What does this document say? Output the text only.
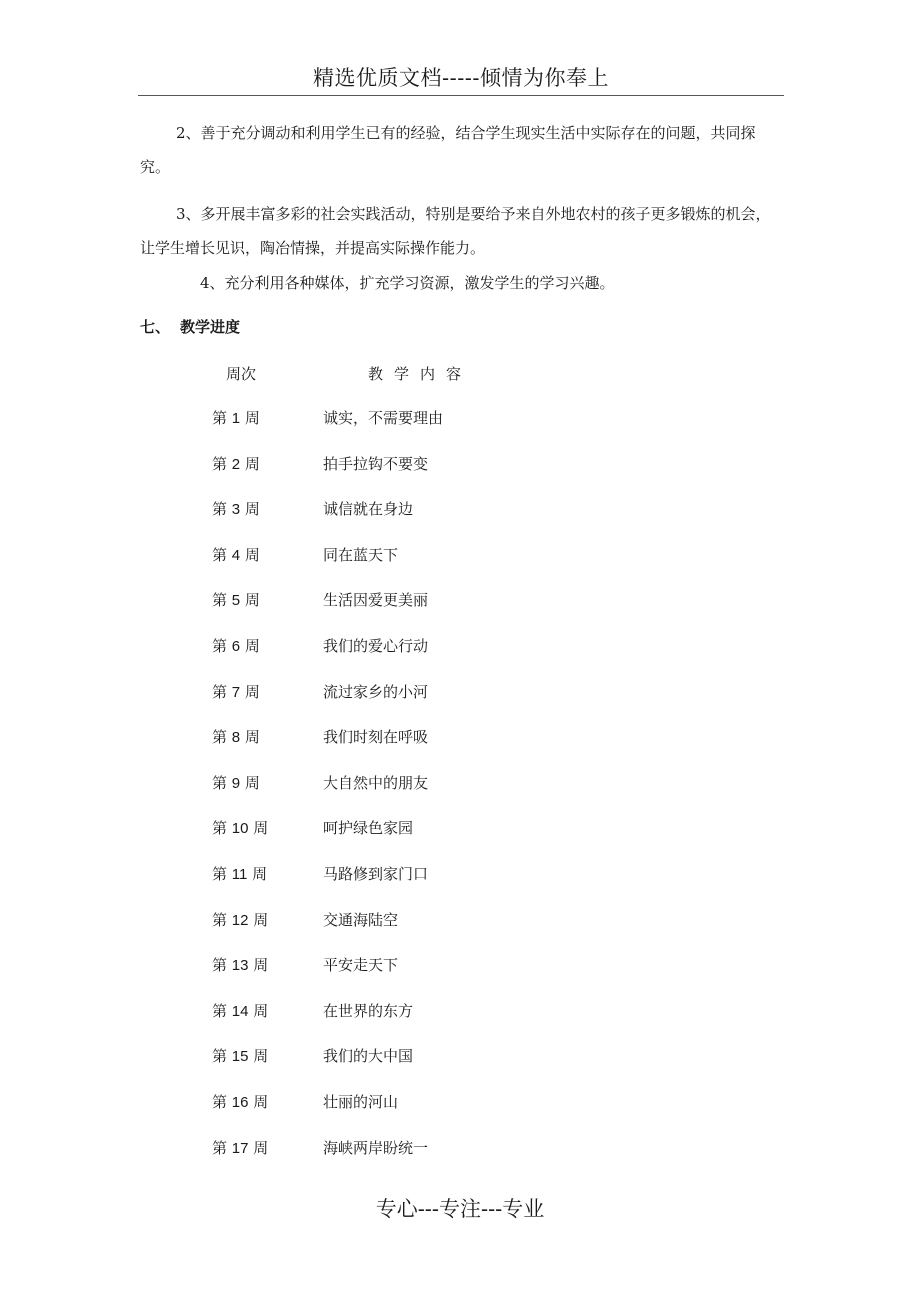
精选优质文档-----倾情为你奉上

2、善于充分调动和利用学生已有的经验，结合学生现实生活中实际存在的问题，共同探究。

3、多开展丰富多彩的社会实践活动，特别是要给予来自外地农村的孩子更多锻炼的机会，让学生增长见识，陶冶情操，并提高实际操作能力。

4、充分利用各种媒体，扩充学习资源，激发学生的学习兴趣。

七、 教学进度
周次	教学内容
第 1 周	诚实，不需要理由
第 2 周	拍手拉钩不要变
第 3 周	诚信就在身边
第 4 周	同在蓝天下
第 5 周	生活因爱更美丽
第 6 周	我们的爱心行动
第 7 周	流过家乡的小河
第 8 周	我们时刻在呼吸
第 9 周	大自然中的朋友
第 10 周	呵护绿色家园
第 11 周	马路修到家门口
第 12 周	交通海陆空
第 13 周	平安走天下
第 14 周	在世界的东方
第 15 周	我们的大中国
第 16 周	壮丽的河山
第 17 周	海峡两岸盼统一
专心---专注---专业
